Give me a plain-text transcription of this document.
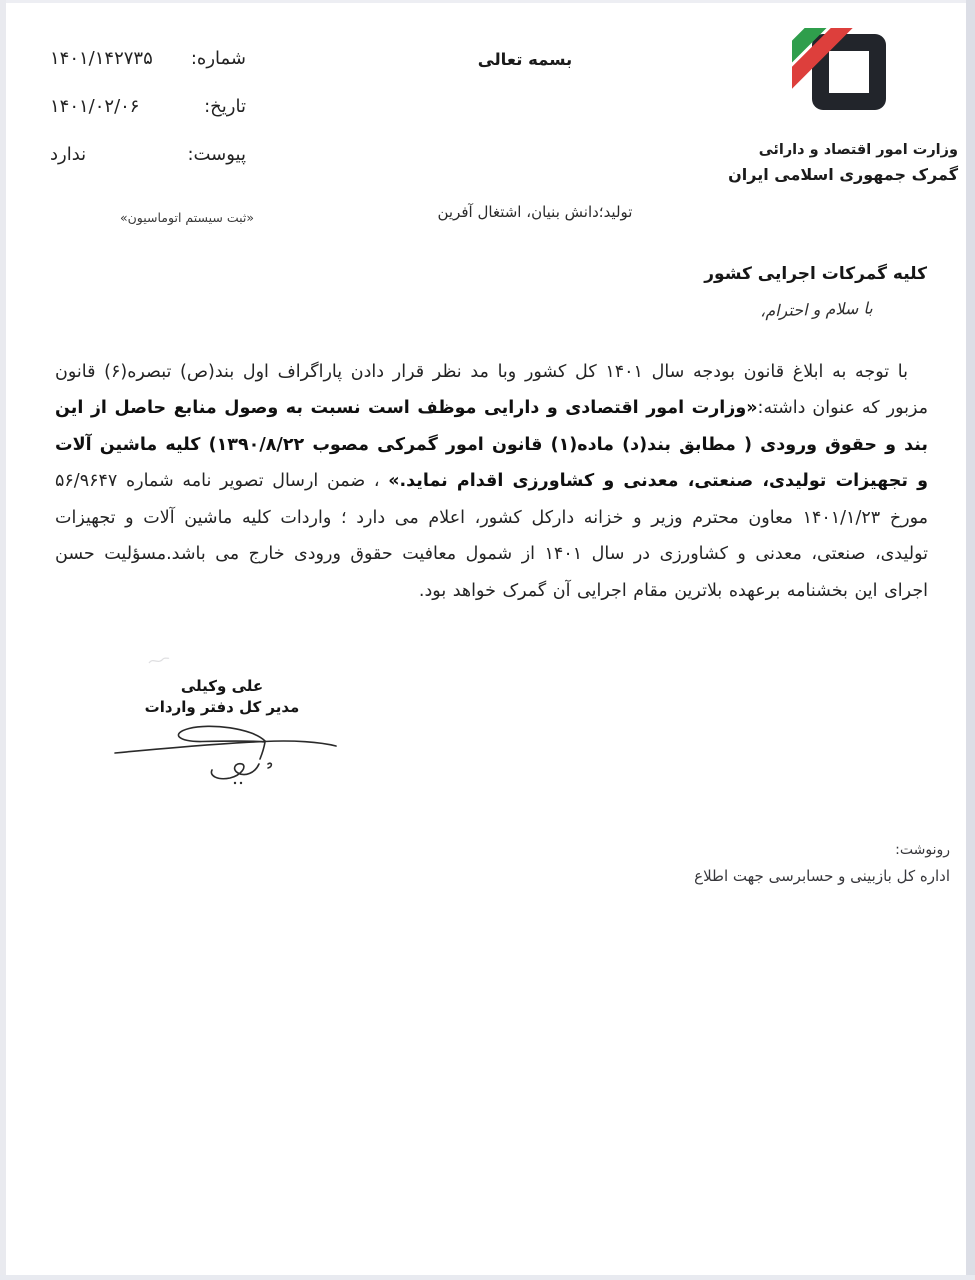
شماره:
۱۴۰۱/۱۴۲۷۳۵
تاریخ:
۱۴۰۱/۰۲/۰۶
پیوست:
ندارد
«ثبت سیستم اتوماسیون»
بسمه تعالی
وزارت امور اقتصاد و دارائی
گمرک جمهوری اسلامی ایران
تولید؛دانش بنیان، اشتغال آفرین
کلیه گمرکات اجرایی کشور
با سلام و احترام،

با توجه به ابلاغ قانون بودجه سال ۱۴۰۱ کل کشور وبا مد نظر قرار دادن پاراگراف اول بند(ص) تبصره(۶) قانون مزبور که عنوان داشته:«وزارت امور اقتصادی و دارایی موظف است نسبت به وصول منابع حاصل از این بند و حقوق ورودی ( مطابق بند(د) ماده(۱) قانون امور گمرکی مصوب ۱۳۹۰/۸/۲۲) کلیه ماشین آلات و تجهیزات تولیدی، صنعتی، معدنی و کشاورزی اقدام نماید.» ، ضمن ارسال تصویر نامه شماره ۵۶/۹۶۴۷ مورخ ۱۴۰۱/۱/۲۳ معاون محترم وزیر و خزانه دارکل کشور، اعلام می دارد ؛ واردات کلیه ماشین آلات و تجهیزات تولیدی، صنعتی، معدنی و کشاورزی در سال ۱۴۰۱ از شمول معافیت حقوق ورودی خارج می باشد.مسؤلیت حسن اجرای این بخشنامه برعهده بلاترین مقام اجرایی آن گمرک خواهد بود.

علی وکیلی
مدیر کل دفتر واردات
رونوشت:
اداره کل بازبینی و حسابرسی جهت اطلاع
